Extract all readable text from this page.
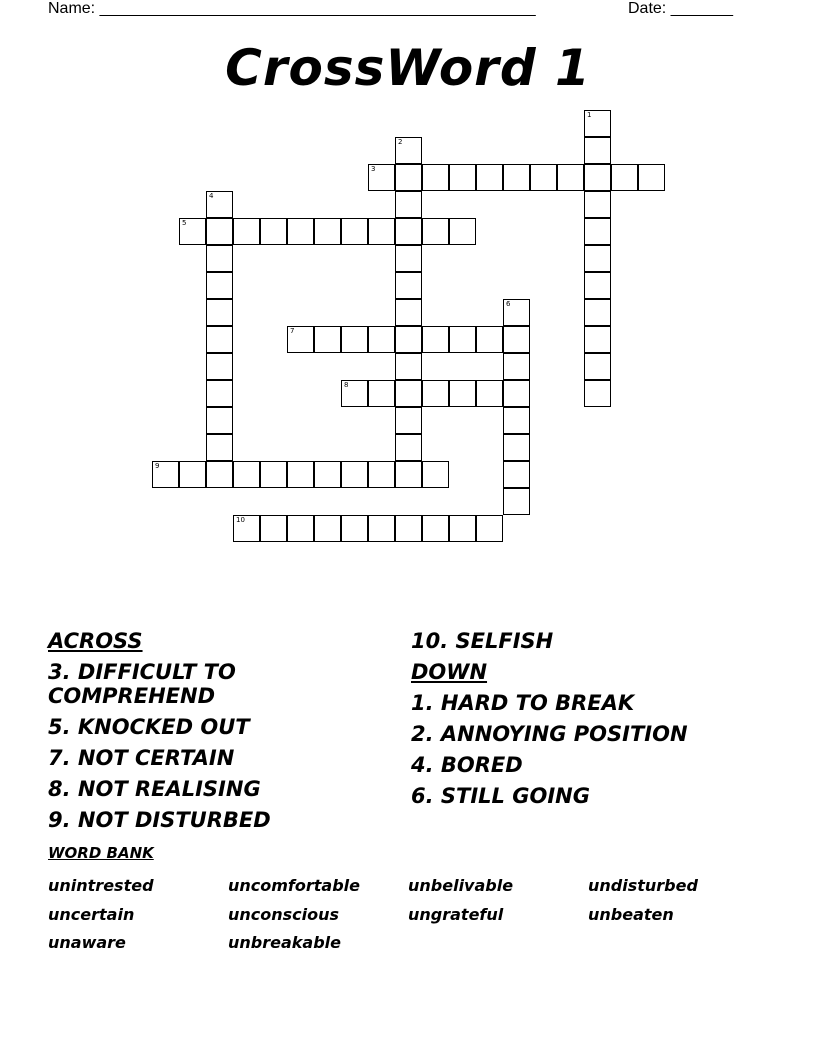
Name: _________________________________________________	Date: _______
CrossWord 1
1
2
3
4
5
6
7
8
9
10
ACROSS
3. DIFFICULT TO COMPREHEND
5. KNOCKED OUT
7. NOT CERTAIN
8. NOT REALISING
9. NOT DISTURBED
10. SELFISH
DOWN
1. HARD TO BREAK
2. ANNOYING POSITION
4. BORED
6. STILL GOING
WORD BANK
unintrested	uncomfortable	unbelivable	undisturbed
uncertain	unconscious	ungrateful	unbeaten
unaware	unbreakable
